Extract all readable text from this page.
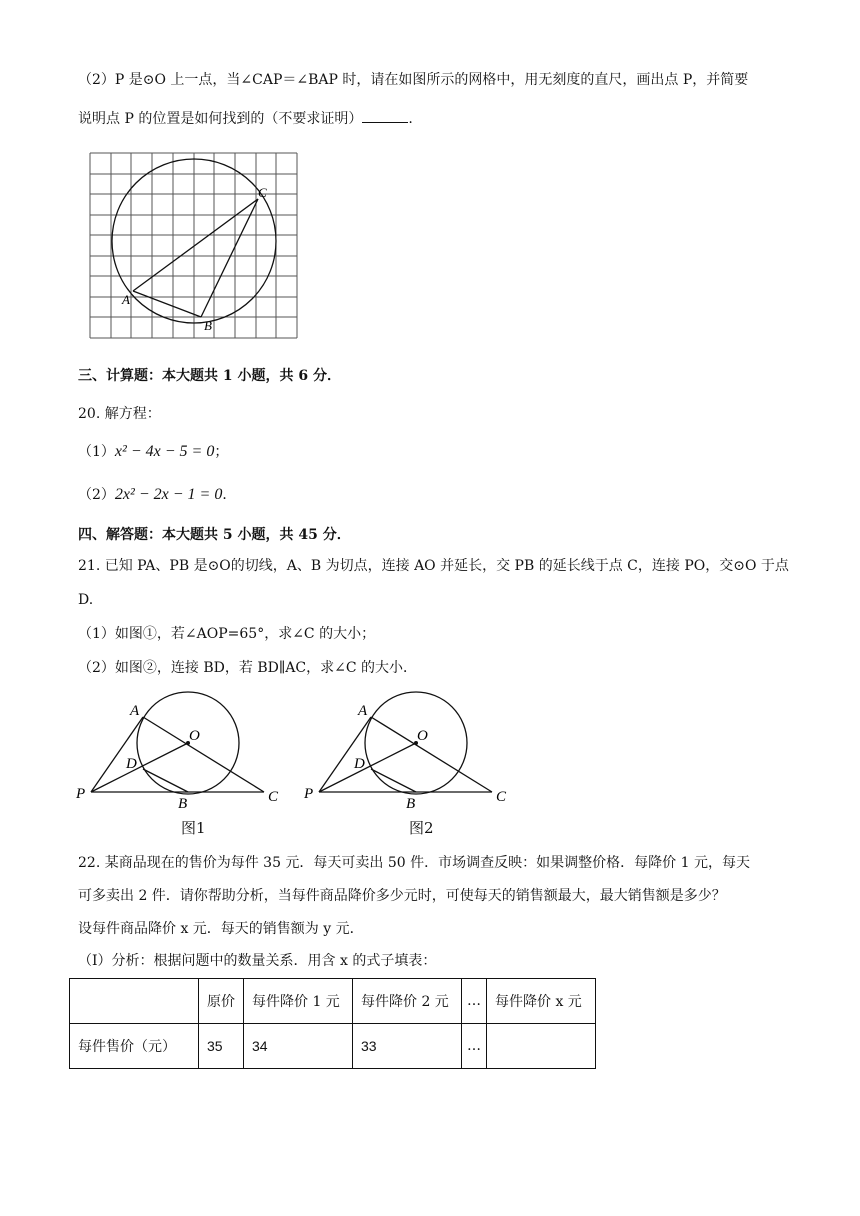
（2）P 是⊙O 上一点，当∠CAP＝∠BAP 时，请在如图所示的网格中，用无刻度的直尺，画出点 P，并简要
说明点 P 的位置是如何找到的（不要求证明）	.
A
B
C
三、计算题：本大题共 1 小题，共 6 分．
20. 解方程：
（1）x² − 4x − 5 = 0；
（2）2x² − 2x − 1 = 0．
四、解答题：本大题共 5 小题，共 45 分．
21. 已知 PA、PB 是⊙O的切线，A、B 为切点，连接 AO 并延长，交 PB 的延长线于点 C，连接 PO，交⊙O 于点
D.
（1）如图①，若∠AOP=65°，求∠C 的大小；
（2）如图②，连接 BD，若 BD∥AC，求∠C 的大小．
A
O
D
P
B	C
A
O
D
P
B	C
图1	图2
22. 某商品现在的售价为每件 35 元．每天可卖出 50 件．市场调查反映：如果调整价格．每降价 1 元，每天
可多卖出 2 件．请你帮助分析，当每件商品降价多少元时，可使每天的销售额最大，最大销售额是多少？
设每件商品降价 x 元．每天的销售额为 y 元．
（Ⅰ）分析：根据问题中的数量关系．用含 x 的式子填表：
	原价	每件降价 1 元	每件降价 2 元	…	每件降价 x 元
每件售价（元）	35	34	33	…	
